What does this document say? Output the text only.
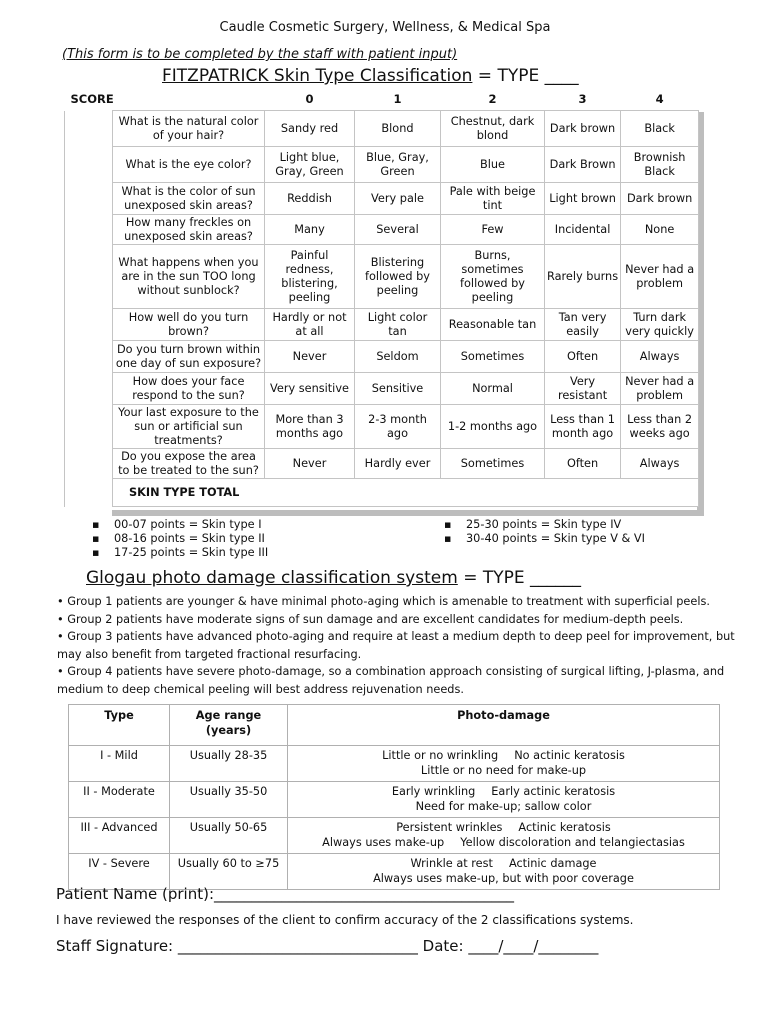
Caudle Cosmetic Surgery, Wellness, & Medical Spa
(This form is to be completed by the staff with patient input)
FITZPATRICK Skin Type Classification = TYPE ____
SCORE		0	1	2	3	4
	What is the natural color of your hair?	Sandy red	Blond	Chestnut, dark blond	Dark brown	Black
	What is the eye color?	Light blue, Gray, Green	Blue, Gray, Green	Blue	Dark Brown	Brownish Black
	What is the color of sun unexposed skin areas?	Reddish	Very pale	Pale with beige tint	Light brown	Dark brown
	How many freckles on unexposed skin areas?	Many	Several	Few	Incidental	None
	What happens when you are in the sun TOO long without sunblock?	Painful redness, blistering, peeling	Blistering followed by peeling	Burns, sometimes followed by peeling	Rarely burns	Never had a problem
	How well do you turn brown?	Hardly or not at all	Light color tan	Reasonable tan	Tan very easily	Turn dark very quickly
	Do you turn brown within one day of sun exposure?	Never	Seldom	Sometimes	Often	Always
	How does your face respond to the sun?	Very sensitive	Sensitive	Normal	Very resistant	Never had a problem
	Your last exposure to the sun or artificial sun treatments?	More than 3 months ago	2-3 month ago	1-2 months ago	Less than 1 month ago	Less than 2 weeks ago
	Do you expose the area to be treated to the sun?	Never	Hardly ever	Sometimes	Often	Always
	SKIN TYPE TOTAL					
▪ 00-07 points = Skin type I
▪ 08-16 points = Skin type II
▪ 17-25 points = Skin type III
▪ 25-30 points = Skin type IV
▪ 30-40 points = Skin type V & VI
Glogau photo damage classification system = TYPE ______
• Group 1 patients are younger & have minimal photo-aging which is amenable to treatment with superficial peels.
• Group 2 patients have moderate signs of sun damage and are excellent candidates for medium-depth peels.
• Group 3 patients have advanced photo-aging and require at least a medium depth to deep peel for improvement, but may also benefit from targeted fractional resurfacing.
• Group 4 patients have severe photo-damage, so a combination approach consisting of surgical lifting, J-plasma, and medium to deep chemical peeling will best address rejuvenation needs.
Type	Age range (years)	Photo-damage
I - Mild	Usually 28-35	Little or no wrinkling No actinic keratosis
Little or no need for make-up
II - Moderate	Usually 35-50	Early wrinkling Early actinic keratosis
Need for make-up; sallow color
III - Advanced	Usually 50-65	Persistent wrinkles Actinic keratosis
Always uses make-up Yellow discoloration and telangiectasias
IV - Severe	Usually 60 to ≥75	Wrinkle at rest Actinic damage
Always uses make-up, but with poor coverage
Patient Name (print):________________________________________
I have reviewed the responses of the client to confirm accuracy of the 2 classifications systems.
Staff Signature: ________________________________ Date: ____/____/________
